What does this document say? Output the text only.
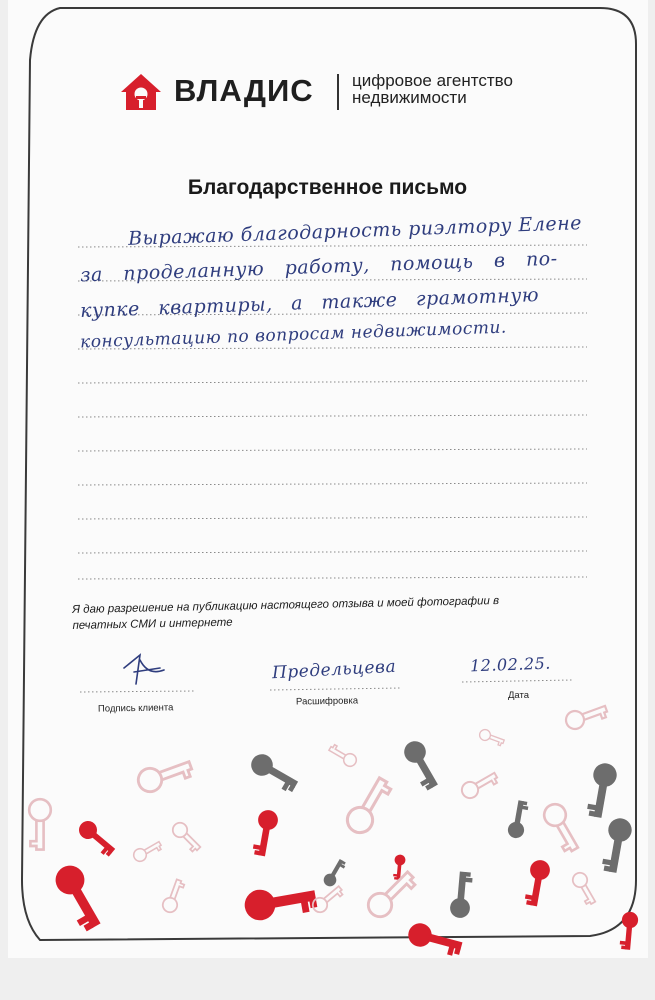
ВЛАДИС цифровое агентство
недвижимости
Благодарственное письмо
Выражаю благодарность риэлтору Елене
за проделанную работу, помощь в по-
купке квартиры, а также грамотную
консультацию по вопросам недвижимости.
Я даю разрешение на публикацию настоящего отзыва и моей фотографии в печатных СМИ и интернете
Предельцева	12.02.25.
Подпись клиента
Расшифровка	Дата
